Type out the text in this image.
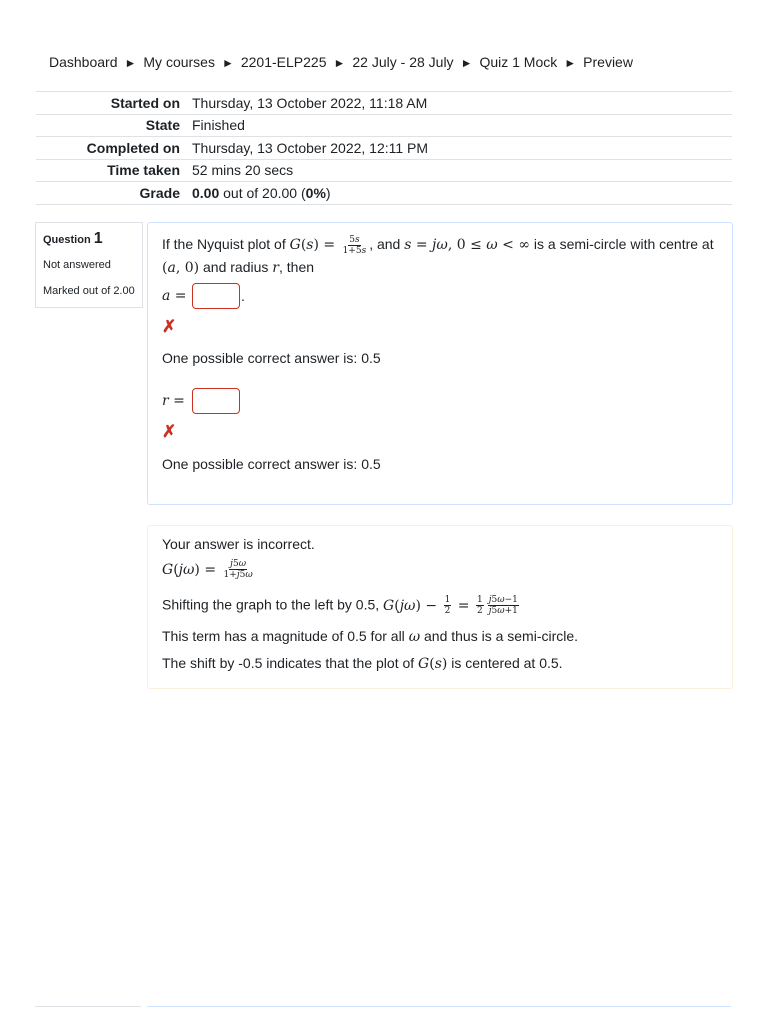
Dashboard ► My courses ► 2201-ELP225 ► 22 July - 28 July ► Quiz 1 Mock ► Preview
Started on	Thursday, 13 October 2022, 11:18 AM
State	Finished
Completed on	Thursday, 13 October 2022, 12:11 PM
Time taken	52 mins 20 secs
Grade	0.00 out of 20.00 (0%)
Question 1
Not answered
Marked out of 2.00
If the Nyquist plot of $G(s) = \frac{5s}{1+5s}$ , and s = jω, 0 ≤ ω < ∞ is a semi-circle with centre at (a, 0) and radius r, then
a =	.
✗
One possible correct answer is: 0.5
r =
✗
One possible correct answer is: 0.5
Your answer is incorrect.
$G(j\omega) = \frac{j5\omega}{1+j5\omega}$
Shifting the graph to the left by 0.5, $G(j\omega) - \frac{1}{2} = \frac{1}{2} \frac{j5\omega-1}{j5\omega+1}$
This term has a magnitude of 0.5 for all ω and thus is a semi-circle.
The shift by -0.5 indicates that the plot of G(s) is centered at 0.5.
